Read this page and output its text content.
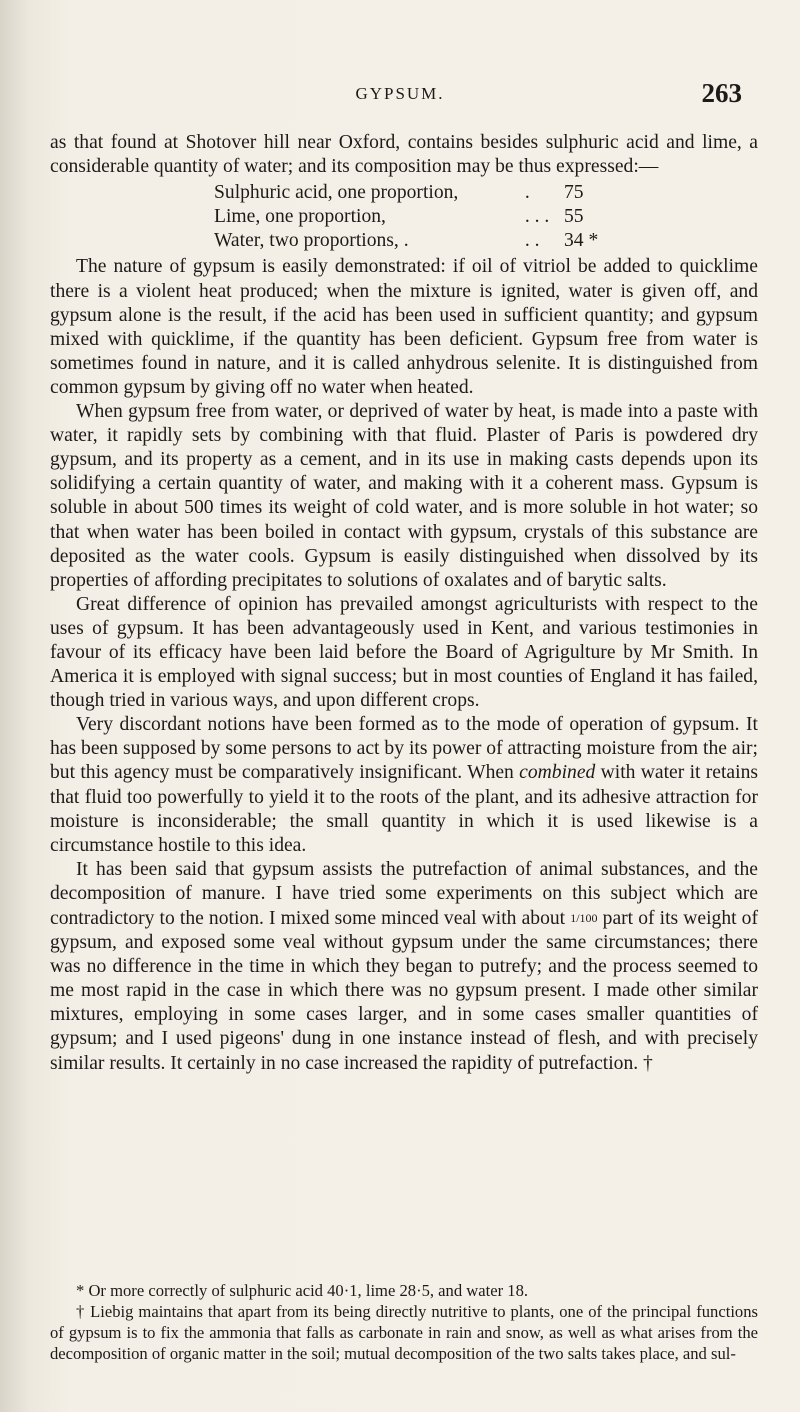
GYPSUM.	263

as that found at Shotover hill near Oxford, contains besides sulphuric acid and lime, a considerable quantity of water; and its composition may be thus expressed:—

Sulphuric acid, one proportion,	.	75
Lime, one proportion,	. . .	55
Water, two proportions, .	. .	34 *

The nature of gypsum is easily demonstrated: if oil of vitriol be added to quicklime there is a violent heat produced; when the mixture is ignited, water is given off, and gypsum alone is the result, if the acid has been used in sufficient quantity; and gypsum mixed with quicklime, if the quantity has been deficient. Gypsum free from water is sometimes found in nature, and it is called anhydrous selenite. It is distinguished from common gypsum by giving off no water when heated.

When gypsum free from water, or deprived of water by heat, is made into a paste with water, it rapidly sets by combining with that fluid. Plaster of Paris is powdered dry gypsum, and its property as a cement, and in its use in making casts depends upon its solidifying a certain quantity of water, and making with it a coherent mass. Gypsum is soluble in about 500 times its weight of cold water, and is more soluble in hot water; so that when water has been boiled in contact with gypsum, crystals of this substance are deposited as the water cools. Gypsum is easily distinguished when dissolved by its properties of affording precipitates to solutions of oxalates and of barytic salts.

Great difference of opinion has prevailed amongst agriculturists with respect to the uses of gypsum. It has been advantageously used in Kent, and various testimonies in favour of its efficacy have been laid before the Board of Agrigulture by Mr Smith. In America it is employed with signal success; but in most counties of England it has failed, though tried in various ways, and upon different crops.

Very discordant notions have been formed as to the mode of operation of gypsum. It has been supposed by some persons to act by its power of attracting moisture from the air; but this agency must be comparatively insignificant. When combined with water it retains that fluid too powerfully to yield it to the roots of the plant, and its adhesive attraction for moisture is inconsiderable; the small quantity in which it is used likewise is a circumstance hostile to this idea.

It has been said that gypsum assists the putrefaction of animal substances, and the decomposition of manure. I have tried some experiments on this subject which are contradictory to the notion. I mixed some minced veal with about 1/100 part of its weight of gypsum, and exposed some veal without gypsum under the same circumstances; there was no difference in the time in which they began to putrefy; and the process seemed to me most rapid in the case in which there was no gypsum present. I made other similar mixtures, employing in some cases larger, and in some cases smaller quantities of gypsum; and I used pigeons' dung in one instance instead of flesh, and with precisely similar results. It certainly in no case increased the rapidity of putrefaction. †

* Or more correctly of sulphuric acid 40·1, lime 28·5, and water 18.

† Liebig maintains that apart from its being directly nutritive to plants, one of the principal functions of gypsum is to fix the ammonia that falls as carbonate in rain and snow, as well as what arises from the decomposition of organic matter in the soil; mutual decomposition of the two salts takes place, and sul-
